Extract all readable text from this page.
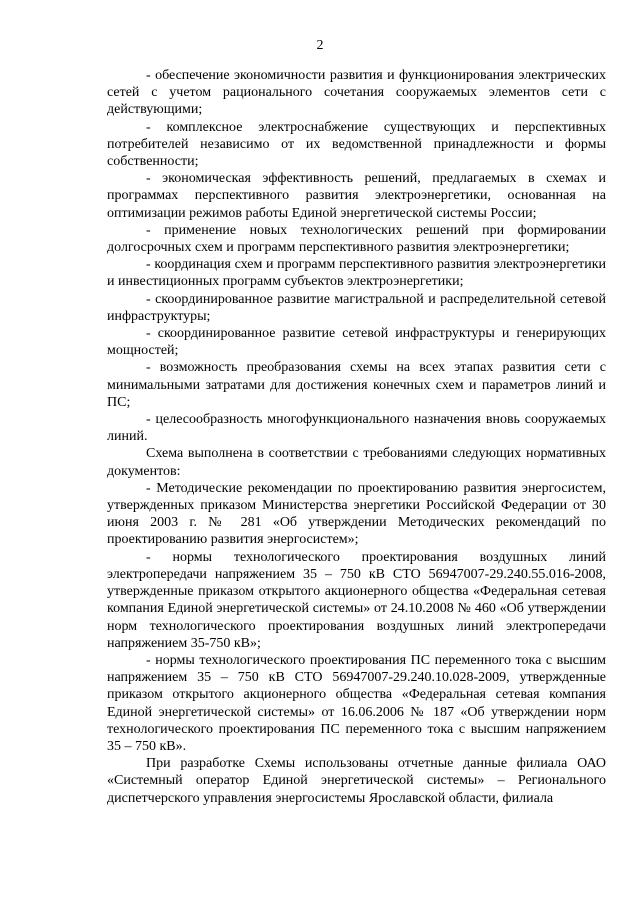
2

- обеспечение экономичности развития и функционирования электрических сетей с учетом рационального сочетания сооружаемых элементов сети с действующими;

- комплексное электроснабжение существующих и перспективных потребителей независимо от их ведомственной принадлежности и формы собственности;

- экономическая эффективность решений, предлагаемых в схемах и программах перспективного развития электроэнергетики, основанная на оптимизации режимов работы Единой энергетической системы России;

- применение новых технологических решений при формировании долгосрочных схем и программ перспективного развития электроэнергетики;

- координация схем и программ перспективного развития электроэнергетики и инвестиционных программ субъектов электроэнергетики;

- скоординированное развитие магистральной и распределительной сетевой инфраструктуры;

- скоординированное развитие сетевой инфраструктуры и генерирующих мощностей;

- возможность преобразования схемы на всех этапах развития сети с минимальными затратами для достижения конечных схем и параметров линий и ПС;

- целесообразность многофункционального назначения вновь сооружаемых линий.

Схема выполнена в соответствии с требованиями следующих нормативных документов:

- Методические рекомендации по проектированию развития энергосистем, утвержденных приказом Министерства энергетики Российской Федерации от 30 июня 2003 г. № 281 «Об утверждении Методических рекомендаций по проектированию развития энергосистем»;

- нормы технологического проектирования воздушных линий электропередачи напряжением 35 – 750 кВ СТО 56947007-29.240.55.016-2008, утвержденные приказом открытого акционерного общества «Федеральная сетевая компания Единой энергетической системы» от 24.10.2008 № 460 «Об утверждении норм технологического проектирования воздушных линий электропередачи напряжением 35-750 кВ»;

- нормы технологического проектирования ПС переменного тока с высшим напряжением 35 – 750 кВ СТО 56947007-29.240.10.028-2009, утвержденные приказом открытого акционерного общества «Федеральная сетевая компания Единой энергетической системы» от 16.06.2006 № 187 «Об утверждении норм технологического проектирования ПС переменного тока с высшим напряжением 35 – 750 кВ».

При разработке Схемы использованы отчетные данные филиала ОАО «Системный оператор Единой энергетической системы» – Регионального диспетчерского управления энергосистемы Ярославской области, филиала
